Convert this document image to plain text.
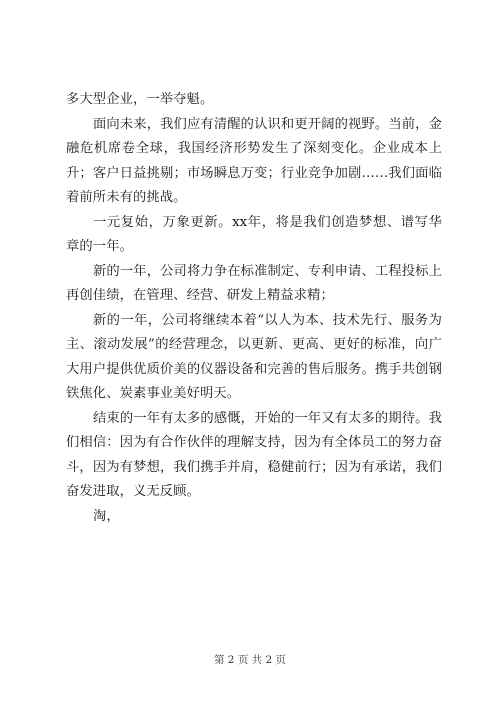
多大型企业，一举夺魁。

面向未来，我们应有清醒的认识和更开阔的视野。当前，金融危机席卷全球，我国经济形势发生了深刻变化。企业成本上升；客户日益挑剔；市场瞬息万变；行业竞争加剧……我们面临着前所未有的挑战。

一元复始，万象更新。xx年，将是我们创造梦想、谱写华章的一年。

新的一年，公司将力争在标准制定、专利申请、工程投标上再创佳绩，在管理、经营、研发上精益求精；

新的一年，公司将继续本着“以人为本、技术先行、服务为主、滚动发展”的经营理念，以更新、更高、更好的标准，向广大用户提供优质价美的仪器设备和完善的售后服务。携手共创钢铁焦化、炭素事业美好明天。

结束的一年有太多的感慨，开始的一年又有太多的期待。我们相信：因为有合作伙伴的理解支持，因为有全体员工的努力奋斗，因为有梦想，我们携手并肩，稳健前行；因为有承诺，我们奋发进取，义无反顾。

淘，

第 2 页 共 2 页
